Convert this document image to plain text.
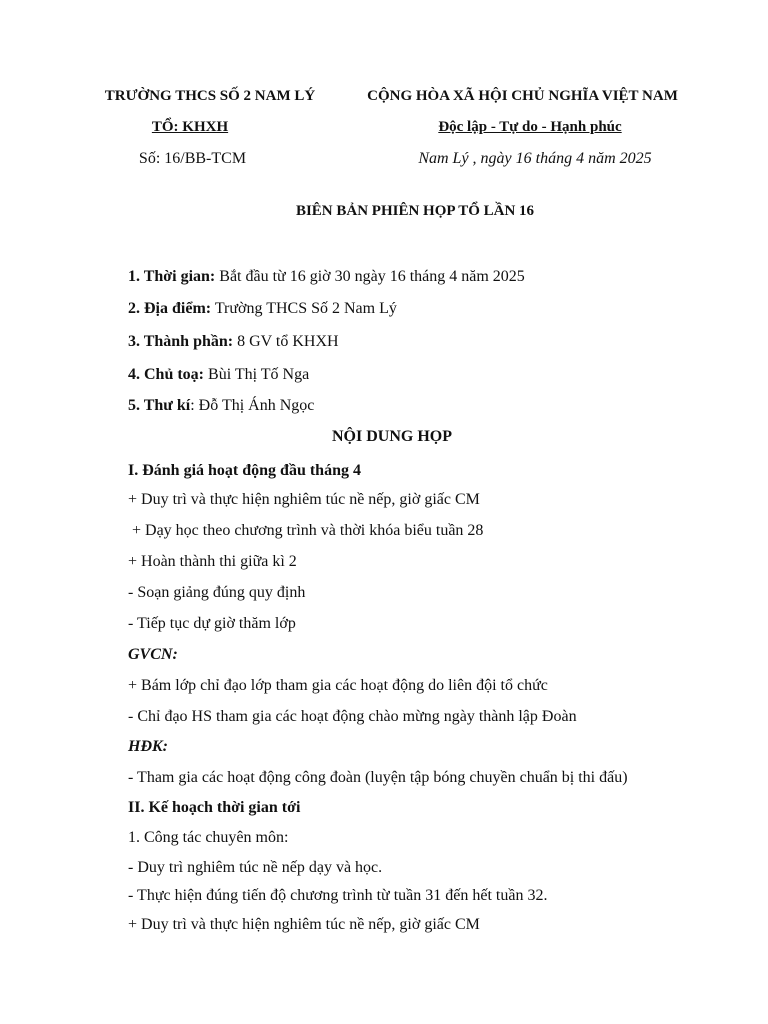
TRƯỜNG THCS SỐ 2 NAM LÝ
TỔ: KHXH
Số: 16/BB-TCM
CỘNG HÒA XÃ HỘI CHỦ NGHĨA VIỆT NAM
Độc lập - Tự do - Hạnh phúc
Nam Lý , ngày 16 tháng 4 năm 2025
BIÊN BẢN PHIÊN HỌP TỔ LẦN 16
1. Thời gian: Bắt đầu từ 16 giờ 30 ngày 16 tháng 4 năm 2025
2. Địa điểm: Trường THCS Số 2 Nam Lý
3. Thành phần: 8 GV tổ KHXH
4. Chủ toạ: Bùi Thị Tố Nga
5. Thư kí: Đỗ Thị Ánh Ngọc
NỘI DUNG HỌP
I. Đánh giá hoạt động đầu tháng 4
+ Duy trì và thực hiện nghiêm túc nề nếp, giờ giấc CM
+ Dạy học theo chương trình và thời khóa biểu tuần 28
+ Hoàn thành thi giữa kì 2
- Soạn giảng đúng quy định
- Tiếp tục dự giờ thăm lớp
GVCN:
+ Bám lớp chỉ đạo lớp tham gia các hoạt động do liên đội tổ chức
- Chỉ đạo HS tham gia các hoạt động chào mừng ngày thành lập Đoàn
HĐK:
- Tham gia các hoạt động công đoàn (luyện tập bóng chuyền chuẩn bị thi đấu)
II. Kế hoạch thời gian tới
1. Công tác chuyên môn:
- Duy trì nghiêm túc nề nếp dạy và học.
- Thực hiện đúng tiến độ chương trình từ tuần 31 đến hết tuần 32.
+ Duy trì và thực hiện nghiêm túc nề nếp, giờ giấc CM
